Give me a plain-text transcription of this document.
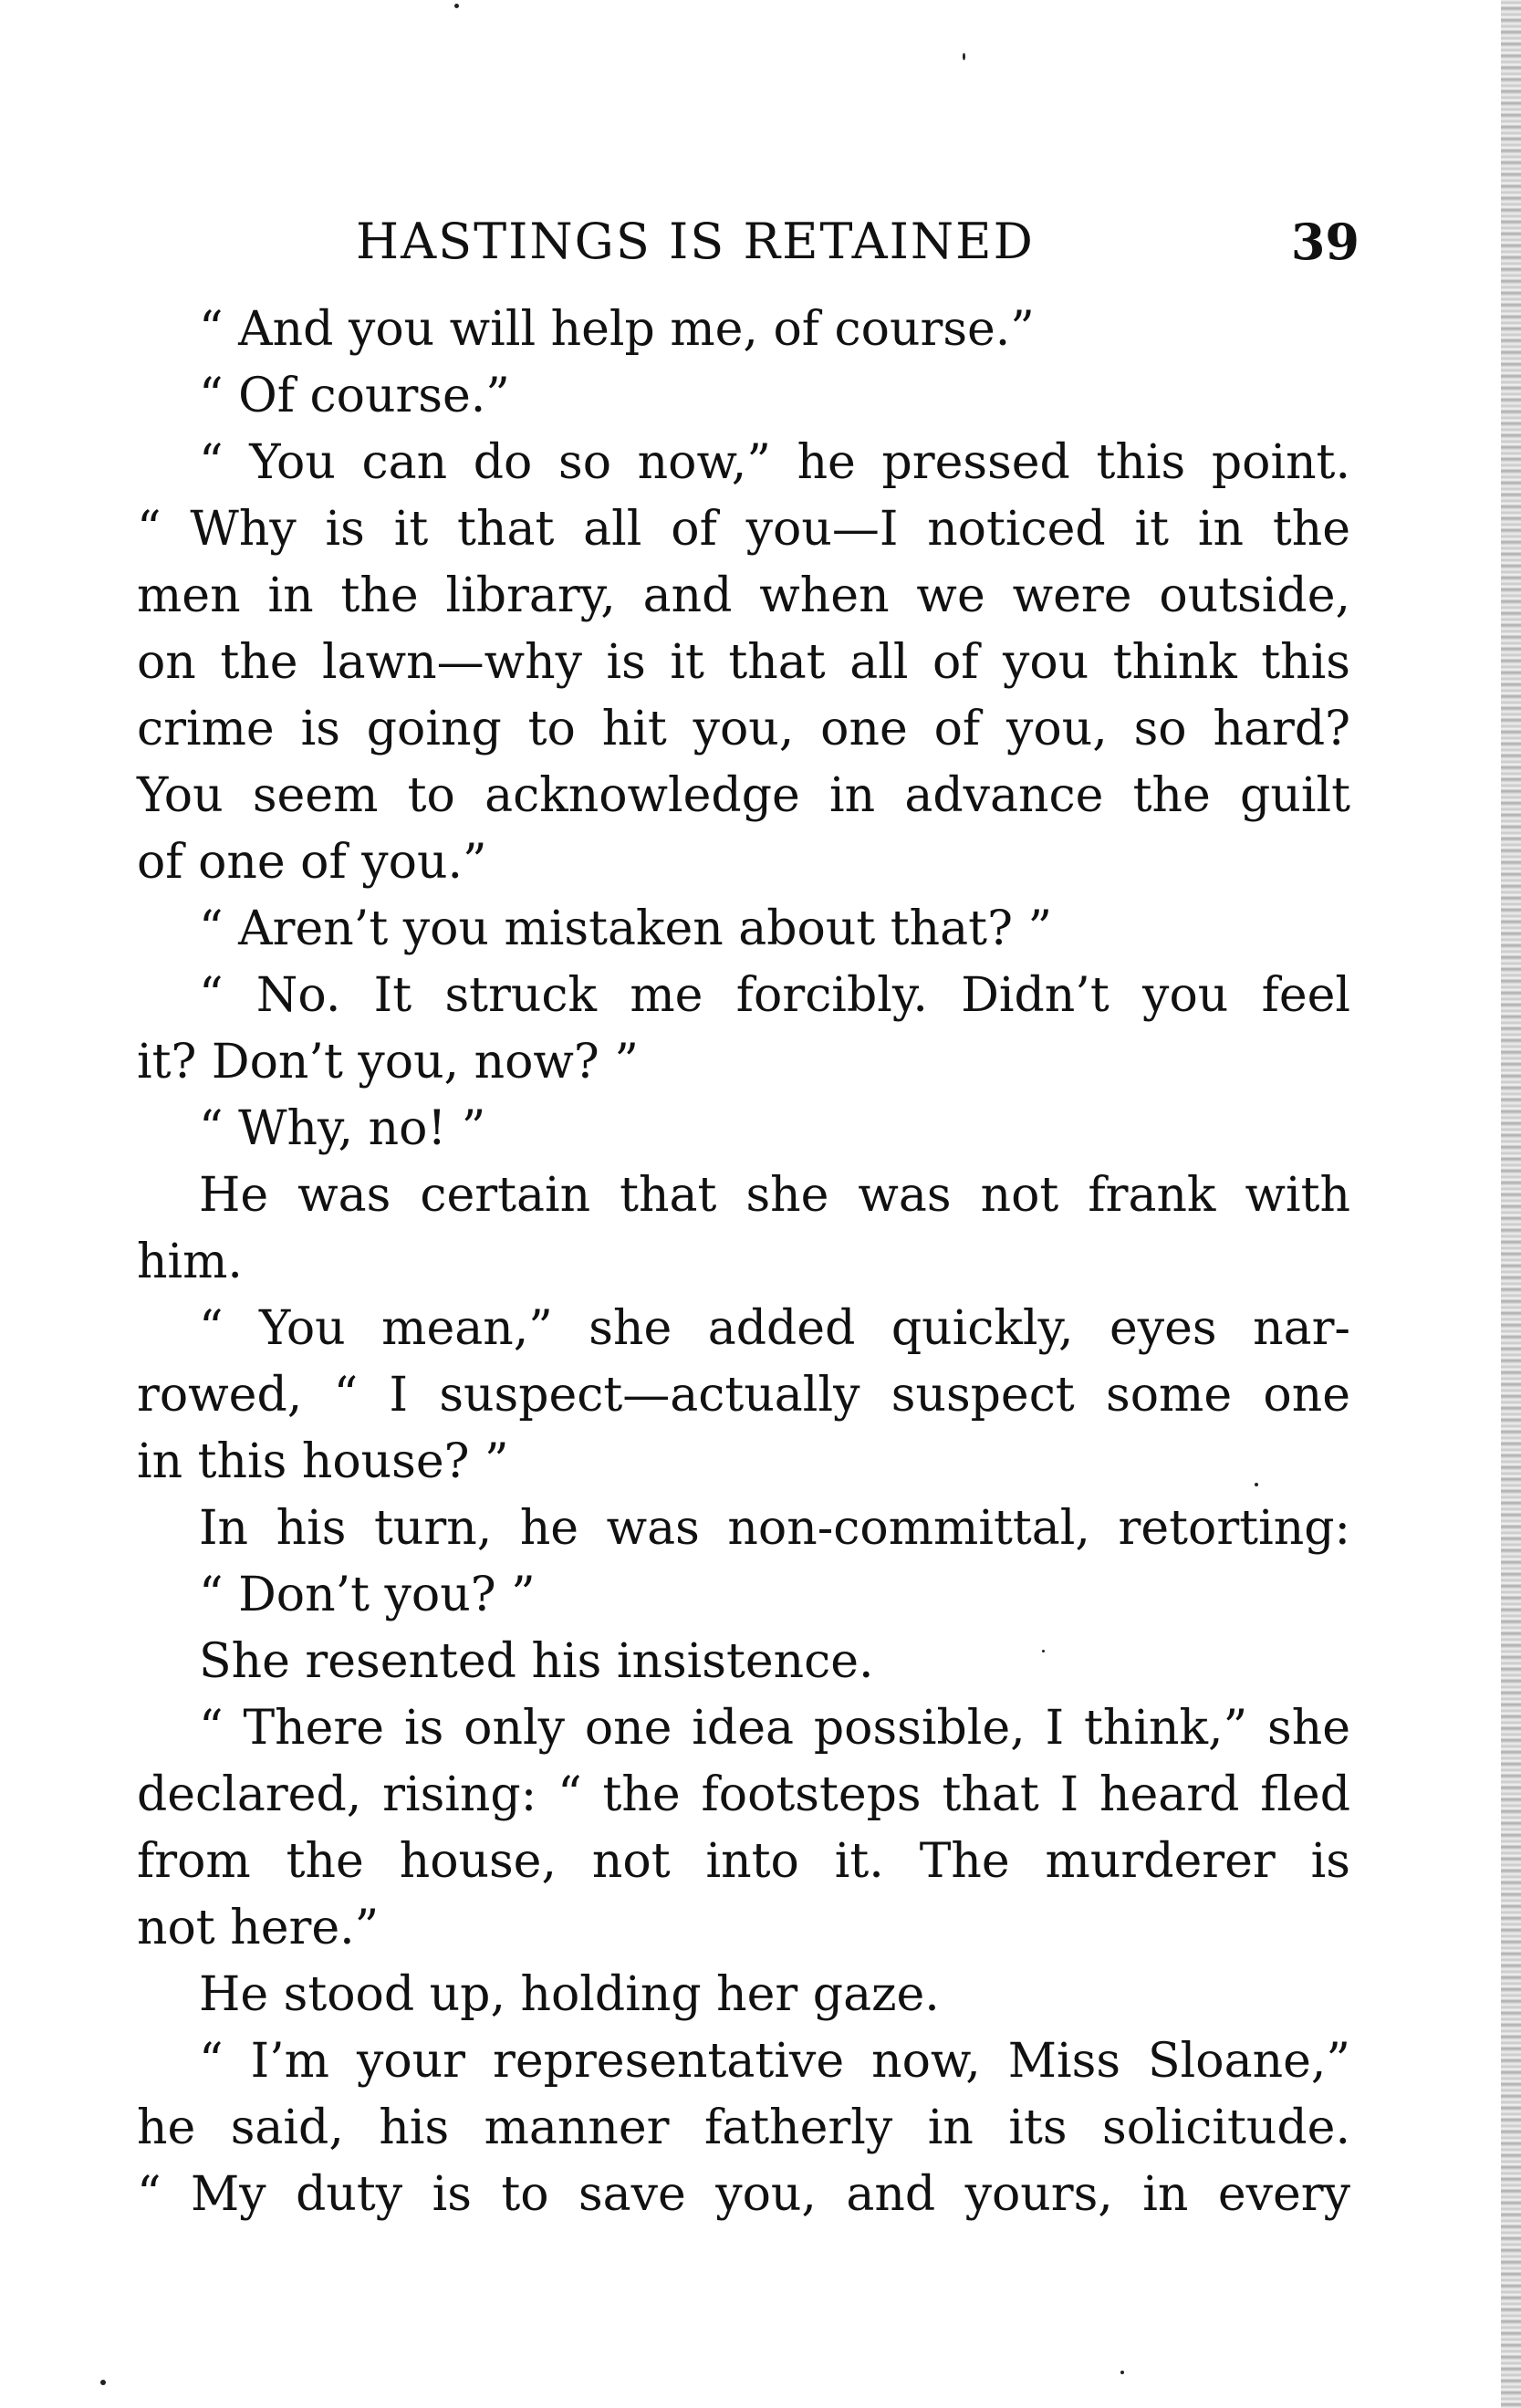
HASTINGS IS RETAINED	39
“ And you will help me, of course.”
“ Of course.”
“ You can do so now,” he pressed this point.
“ Why is it that all of you—I noticed it in the
men in the library, and when we were outside,
on the lawn—why is it that all of you think this
crime is going to hit you, one of you, so hard?
You seem to acknowledge in advance the guilt
of one of you.”
“ Aren’t you mistaken about that? ”
“ No. It struck me forcibly. Didn’t you feel
it? Don’t you, now? ”
“ Why, no! ”
He was certain that she was not frank with
him.
“ You mean,” she added quickly, eyes nar-
rowed, “ I suspect—actually suspect some one
in this house? ”
In his turn, he was non-committal, retorting:
“ Don’t you? ”
She resented his insistence.
“ There is only one idea possible, I think,” she
declared, rising: “ the footsteps that I heard fled
from the house, not into it. The murderer is
not here.”
He stood up, holding her gaze.
“ I’m your representative now, Miss Sloane,”
he said, his manner fatherly in its solicitude.
“ My duty is to save you, and yours, in every
